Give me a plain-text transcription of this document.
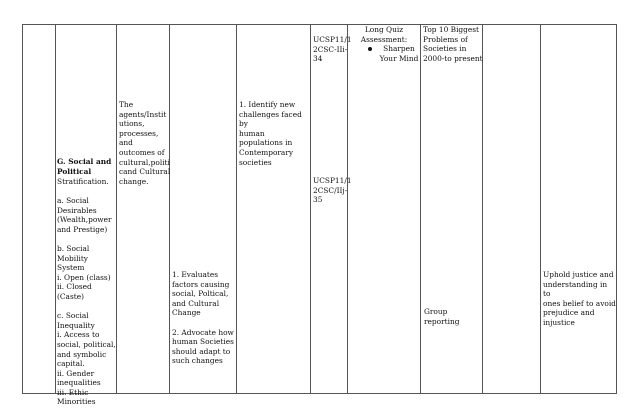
G. Social and
Political
Stratification.
a. Social
Desirables
(Wealth,power
and Prestige)

b. Social
Mobility System
i. Open (class)
ii. Closed
(Caste)

c. Social
Inequality
i. Access to
social, political,
and symbolic
capital.
ii. Gender
inequalities
iii. Ethic
Minorities
The
agents/Instit
utions,
processes,
and
outcomes of
cultural,politi
cand Cultural
change.
1. Evaluates
factors causing
social, Poltical,
and Cultural
Change

2. Advocate how
human Societies
should adapt to
such changes
1. Identify new
challenges faced by
human
populations in
Contemporary
societies
UCSP11/1
2CSC-IIi-
34
UCSP11/1
2CSC/IIj-
35
Long Quiz
Assessment:
Sharpen
Your Mind
Top 10 Biggest
Problems of
Societies in
2000-to present
Group reporting
Uphold justice and
understanding in to
ones belief to avoid
prejudice and
injustice
